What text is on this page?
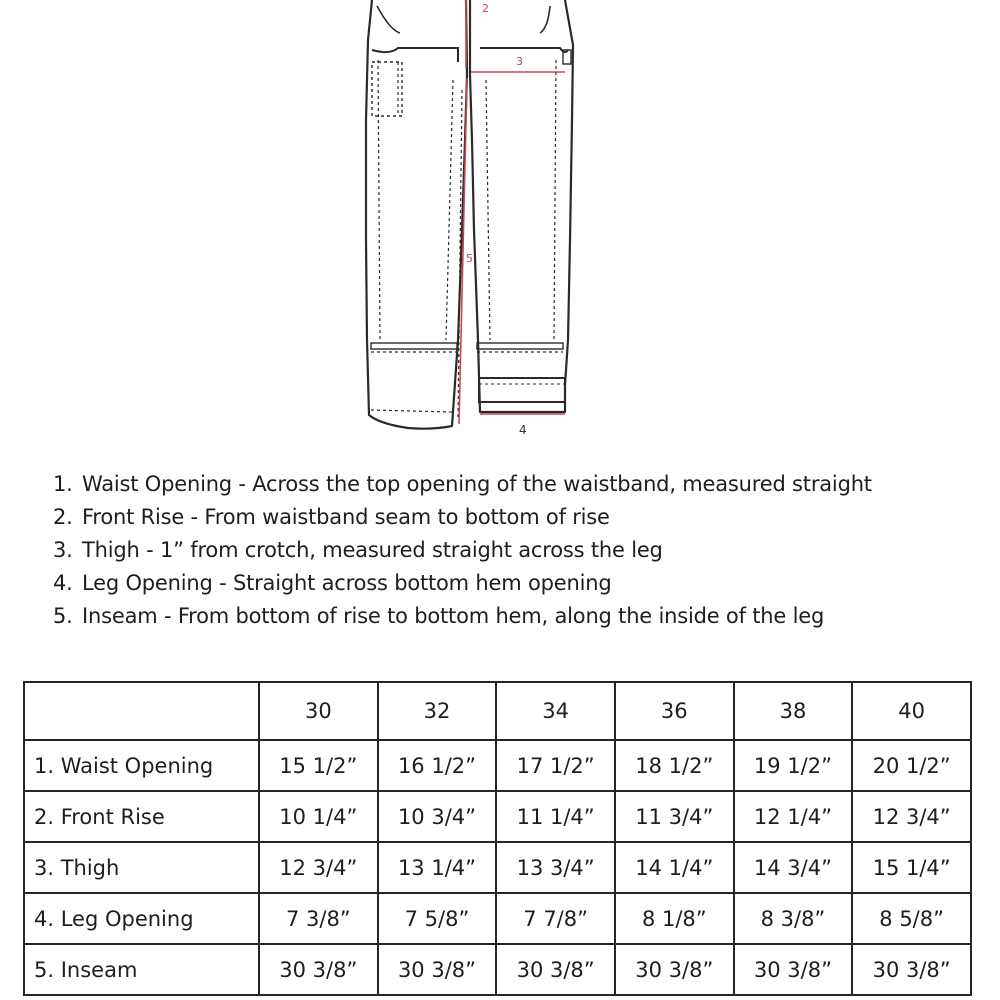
2
3
5
4
1. Waist Opening - Across the top opening of the waistband, measured straight
2. Front Rise - From waistband seam to bottom of rise
3. Thigh - 1” from crotch, measured straight across the leg
4. Leg Opening - Straight across bottom hem opening
5. Inseam - From bottom of rise to bottom hem, along the inside of the leg
	30	32	34	36	38	40
1. Waist Opening	15 1/2”	16 1/2”	17 1/2”	18 1/2”	19 1/2”	20 1/2”
2. Front Rise	10 1/4”	10 3/4”	11 1/4”	11 3/4”	12 1/4”	12 3/4”
3. Thigh	12 3/4”	13 1/4”	13 3/4”	14 1/4”	14 3/4”	15 1/4”
4. Leg Opening	7 3/8”	7 5/8”	7 7/8”	8 1/8”	8 3/8”	8 5/8”
5. Inseam	30 3/8”	30 3/8”	30 3/8”	30 3/8”	30 3/8”	30 3/8”
